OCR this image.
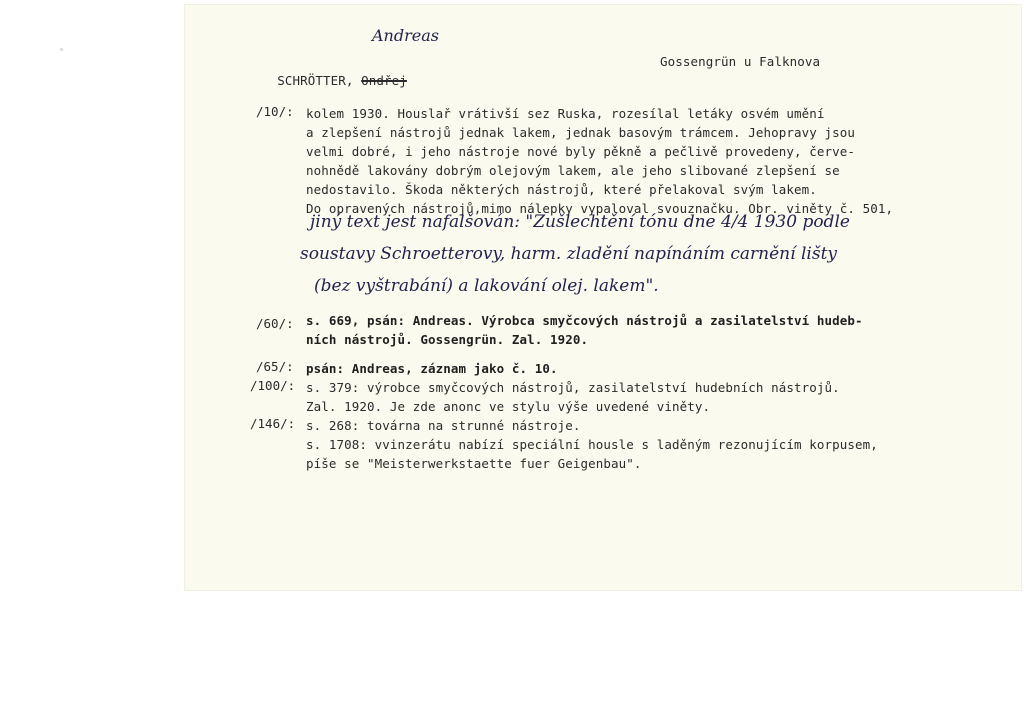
Andreas

SCHRÖTTER, Ondřej

Gossengrün u Falknova
/10/: kolem 1930. Houslař vrátivší sez Ruska, rozesílal letáky osvém umění
a zlepšení nástrojů jednak lakem, jednak basovým trámcem. Jehopravy jsou
velmi dobré, i jeho nástroje nové byly pěkně a pečlivě provedeny, červe-
nohnědě lakovány dobrým olejovým lakem, ale jeho slibované zlepšení se
nedostavilo. Škoda některých nástrojů, které přelakoval svým lakem.
Do opravených nástrojů,mimo nálepky vypaloval svouznačku. Obr. viněty č. 501,
jiný text jest nafalšován: "Zušlechtění tónu dne 4/4 1930 podle
soustavy Schroetterovy, harm. zladění napínáním carnění lišty
(bez vyštrabání) a lakování olej. lakem".
/60/: s. 669, psán: Andreas. Výrobca smyčcových nástrojů a zasilatelství hudeb-
ních nástrojů. Gossengrün. Zal. 1920.
/65/: psán: Andreas, záznam jako č. 10.
/100/: s. 379: výrobce smyčcových nástrojů, zasilatelství hudebních nástrojů.
Zal. 1920. Je zde anonc ve stylu výše uvedené viněty.
/146/: s. 268: továrna na strunné nástroje.
s. 1708: vvinzerátu nabízí speciální housle s laděným rezonujícím korpusem,
píše se "Meisterwerkstaette fuer Geigenbau".
